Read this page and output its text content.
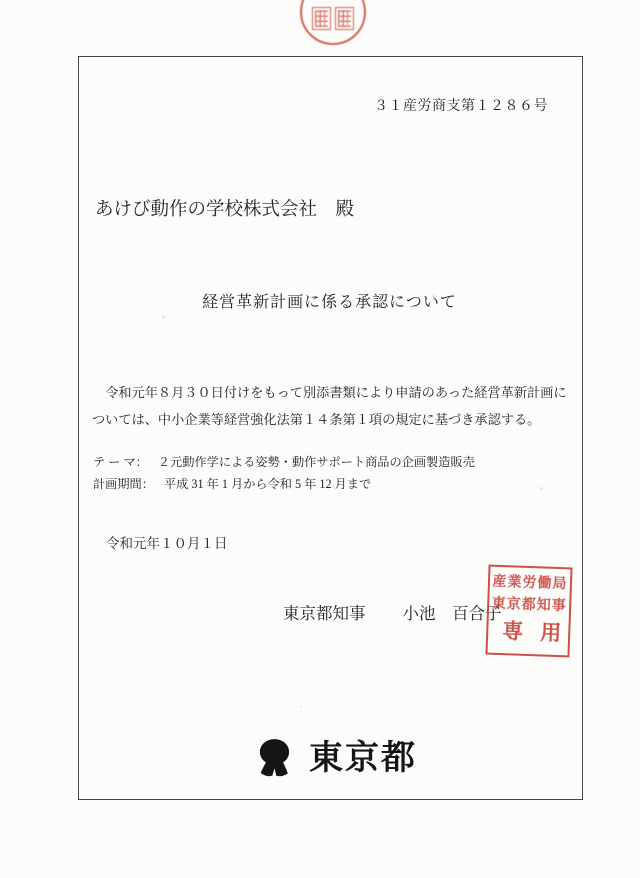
３１産労商支第１２８６号
あけび動作の学校株式会社　殿
経営革新計画に係る承認について
令和元年８月３０日付けをもって別添書類により申請のあった経営革新計画に
ついては、中小企業等経営強化法第１４条第１項の規定に基づき承認する。
テ ー マ： ２元動作学による姿勢・動作サポート商品の企画製造販売
計画期間： 平成 31 年 1 月から令和 5 年 12 月まで
令和元年１０月１日
東京都知事 小池　百合子
産業労働局
東京都知事
専用
東京都
